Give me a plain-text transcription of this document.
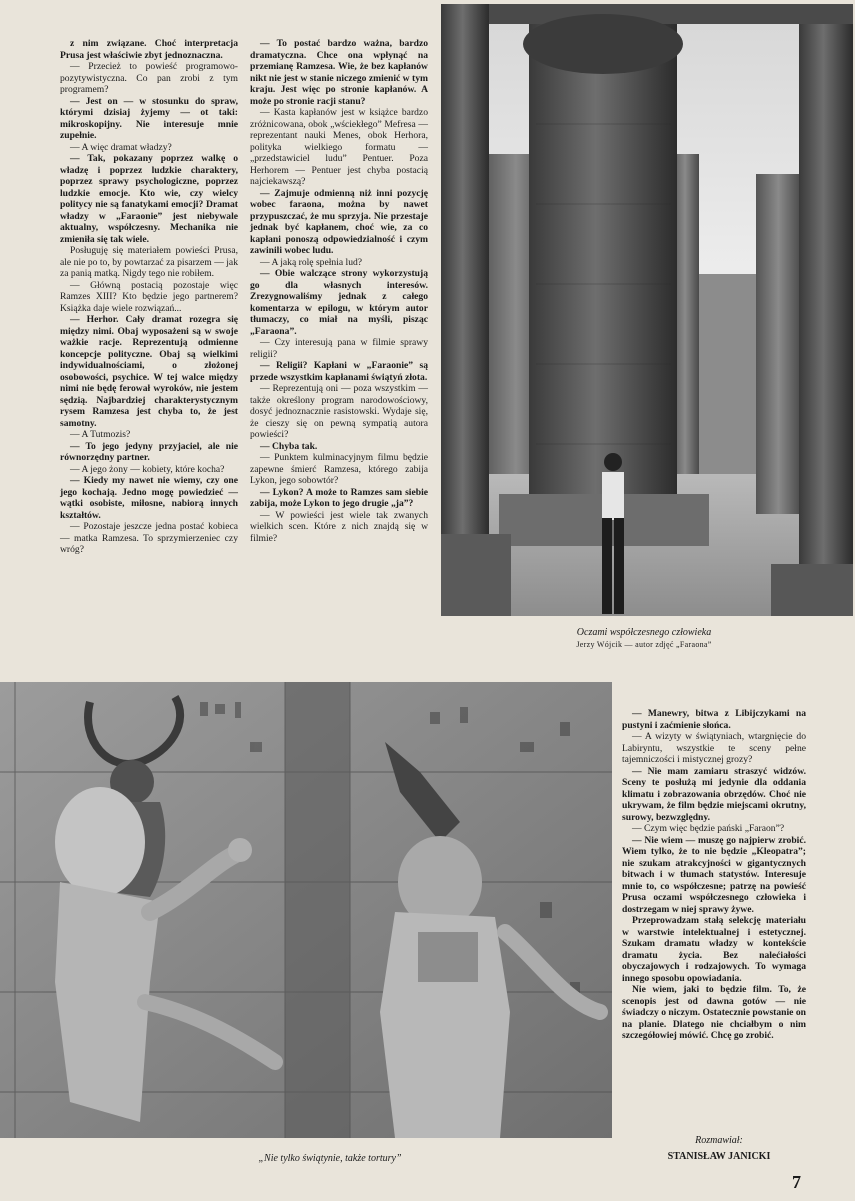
z nim związane. Choć interpretacja Prusa jest właściwie zbyt jednoznaczna.

— Przecież to powieść programowo-pozytywistyczna. Co pan zrobi z tym programem?

— Jest on — w stosunku do spraw, którymi dzisiaj żyjemy — ot taki: mikroskopijny. Nie interesuje mnie zupełnie.

— A więc dramat władzy?

— Tak, pokazany poprzez walkę o władzę i poprzez ludzkie charaktery, poprzez sprawy psychologiczne, poprzez ludzkie emocje. Kto wie, czy wielcy politycy nie są fanatykami emocji? Dramat władzy w „Faraonie” jest niebywale aktualny, współczesny. Mechanika nie zmieniła się tak wiele.

Posługuję się materiałem powieści Prusa, ale nie po to, by powtarzać za pisarzem — jak za panią matką. Nigdy tego nie robiłem.

— Główną postacią pozostaje więc Ramzes XIII? Kto będzie jego partnerem? Książka daje wiele rozwiązań...

— Herhor. Cały dramat rozegra się między nimi. Obaj wyposażeni są w swoje ważkie racje. Reprezentują odmienne koncepcje polityczne. Obaj są wielkimi indywidualnościami, o złożonej osobowości, psychice. W tej walce między nimi nie będę ferował wyroków, nie jestem sędzią. Najbardziej charakterystycznym rysem Ramzesa jest chyba to, że jest samotny.

— A Tutmozis?

— To jego jedyny przyjaciel, ale nie równorzędny partner.

— A jego żony — kobiety, które kocha?

— Kiedy my nawet nie wiemy, czy one jego kochają. Jedno mogę powiedzieć — wątki osobiste, miłosne, nabiorą innych kształtów.

— Pozostaje jeszcze jedna postać kobieca — matka Ramzesa. To sprzymierzeniec czy wróg?

— To postać bardzo ważna, bardzo dramatyczna. Chce ona wpłynąć na przemianę Ramzesa. Wie, że bez kapłanów nikt nie jest w stanie niczego zmienić w tym kraju. Jest więc po stronie kapłanów. A może po stronie racji stanu?

— Kasta kapłanów jest w książce bardzo zróżnicowana, obok „wściekłego” Mefresa — reprezentant nauki Menes, obok Herhora, polityka wielkiego formatu — „przedstawiciel ludu” Pentuer. Poza Herhorem — Pentuer jest chyba postacią najciekawszą?

— Zajmuje odmienną niż inni pozycję wobec faraona, można by nawet przypuszczać, że mu sprzyja. Nie przestaje jednak być kapłanem, choć wie, za co kapłani ponoszą odpowiedzialność i czym zawinili wobec ludu.

— A jaką rolę spełnia lud?

— Obie walczące strony wykorzystują go dla własnych interesów. Zrezygnowaliśmy jednak z całego komentarza w epilogu, w którym autor tłumaczy, co miał na myśli, pisząc „Faraona”.

— Czy interesują pana w filmie sprawy religii?

— Religii? Kapłani w „Faraonie” są przede wszystkim kapłanami świątyń złota.

— Reprezentują oni — poza wszystkim — także określony program narodowościowy, dosyć jednoznacznie rasistowski. Wydaje się, że cieszy się on pewną sympatią autora powieści?

— Chyba tak.

— Punktem kulminacyjnym filmu będzie zapewne śmierć Ramzesa, którego zabija Lykon, jego sobowtór?

— Lykon? A może to Ramzes sam siebie zabija, może Lykon to jego drugie „ja”?

— W powieści jest wiele tak zwanych wielkich scen. Które z nich znajdą się w filmie?

Oczami współczesnego człowieka
Jerzy Wójcik — autor zdjęć „Faraona”
„Nie tylko świątynie, także tortury”

— Manewry, bitwa z Libijczykami na pustyni i zaćmienie słońca.

— A wizyty w świątyniach, wtargnięcie do Labiryntu, wszystkie te sceny pełne tajemniczości i mistycznej grozy?

— Nie mam zamiaru straszyć widzów. Sceny te posłużą mi jedynie dla oddania klimatu i zobrazowania obrzędów. Choć nie ukrywam, że film będzie miejscami okrutny, surowy, bezwzględny.

— Czym więc będzie pański „Faraon”?

— Nie wiem — muszę go najpierw zrobić. Wiem tylko, że to nie będzie „Kleopatra”; nie szukam atrakcyjności w gigantycznych bitwach i w tłumach statystów. Interesuje mnie to, co współczesne; patrzę na powieść Prusa oczami współczesnego człowieka i dostrzegam w niej sprawy żywe.

Przeprowadzam stałą selekcję materiału w warstwie intelektualnej i estetycznej. Szukam dramatu władzy w kontekście dramatu życia. Bez nalećiałości obyczajowych i rodzajowych. To wymaga innego sposobu opowiadania.

Nie wiem, jaki to będzie film. To, że scenopis jest od dawna gotów — nie świadczy o niczym. Ostatecznie powstanie on na planie. Dlatego nie chciałbym o nim szczegółowiej mówić. Chcę go zrobić.

Rozmawiał:
STANISŁAW JANICKI
7
